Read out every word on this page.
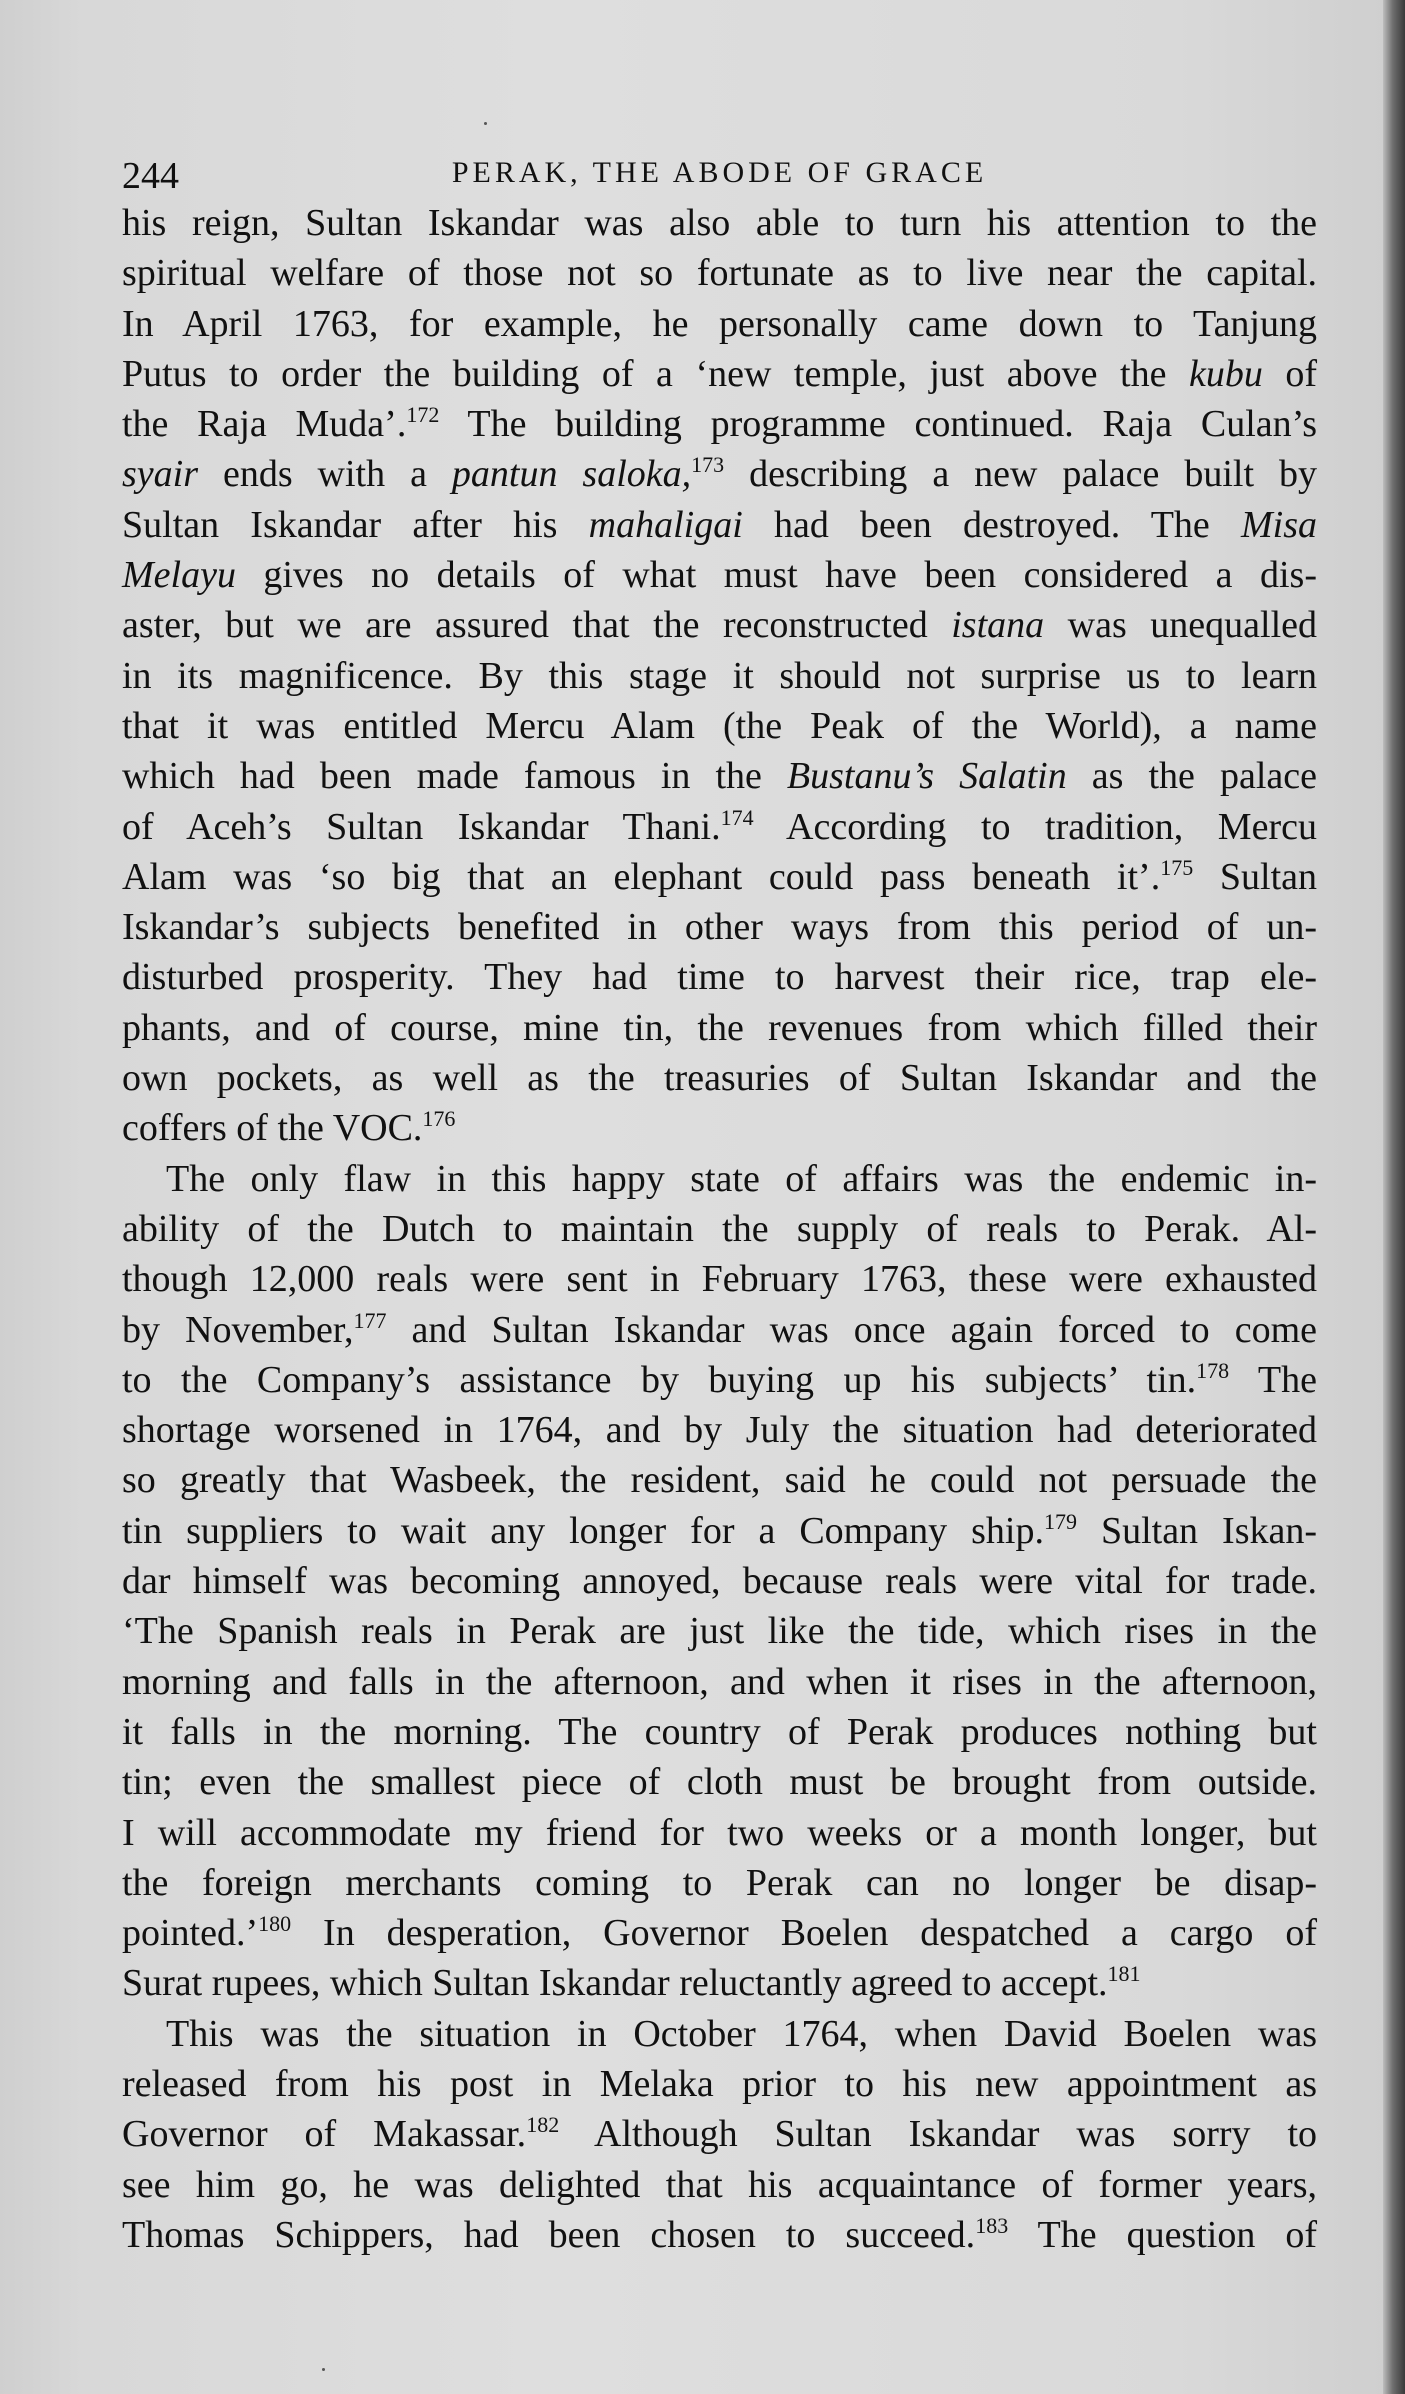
244	PERAK, THE ABODE OF GRACE
his reign, Sultan Iskandar was also able to turn his attention to the
spiritual welfare of those not so fortunate as to live near the capital.
In April 1763, for example, he personally came down to Tanjung
Putus to order the building of a ‘new temple, just above the kubu of
the Raja Muda’.$^{172}$ The building programme continued. Raja Culan’s
syair ends with a pantun saloka,$^{173}$ describing a new palace built by
Sultan Iskandar after his mahaligai had been destroyed. The Misa
Melayu gives no details of what must have been considered a dis-
aster, but we are assured that the reconstructed istana was unequalled
in its magnificence. By this stage it should not surprise us to learn
that it was entitled Mercu Alam (the Peak of the World), a name
which had been made famous in the Bustanu’s Salatin as the palace
of Aceh’s Sultan Iskandar Thani.$^{174}$ According to tradition, Mercu
Alam was ‘so big that an elephant could pass beneath it’.$^{175}$ Sultan
Iskandar’s subjects benefited in other ways from this period of un-
disturbed prosperity. They had time to harvest their rice, trap ele-
phants, and of course, mine tin, the revenues from which filled their
own pockets, as well as the treasuries of Sultan Iskandar and the
coffers of the VOC.$^{176}$
The only flaw in this happy state of affairs was the endemic in-
ability of the Dutch to maintain the supply of reals to Perak. Al-
though 12,000 reals were sent in February 1763, these were exhausted
by November,$^{177}$ and Sultan Iskandar was once again forced to come
to the Company’s assistance by buying up his subjects’ tin.$^{178}$ The
shortage worsened in 1764, and by July the situation had deteriorated
so greatly that Wasbeek, the resident, said he could not persuade the
tin suppliers to wait any longer for a Company ship.$^{179}$ Sultan Iskan-
dar himself was becoming annoyed, because reals were vital for trade.
‘The Spanish reals in Perak are just like the tide, which rises in the
morning and falls in the afternoon, and when it rises in the afternoon,
it falls in the morning. The country of Perak produces nothing but
tin; even the smallest piece of cloth must be brought from outside.
I will accommodate my friend for two weeks or a month longer, but
the foreign merchants coming to Perak can no longer be disap-
pointed.’$^{180}$ In desperation, Governor Boelen despatched a cargo of
Surat rupees, which Sultan Iskandar reluctantly agreed to accept.$^{181}$
This was the situation in October 1764, when David Boelen was
released from his post in Melaka prior to his new appointment as
Governor of Makassar.$^{182}$ Although Sultan Iskandar was sorry to
see him go, he was delighted that his acquaintance of former years,
Thomas Schippers, had been chosen to succeed.$^{183}$ The question of
